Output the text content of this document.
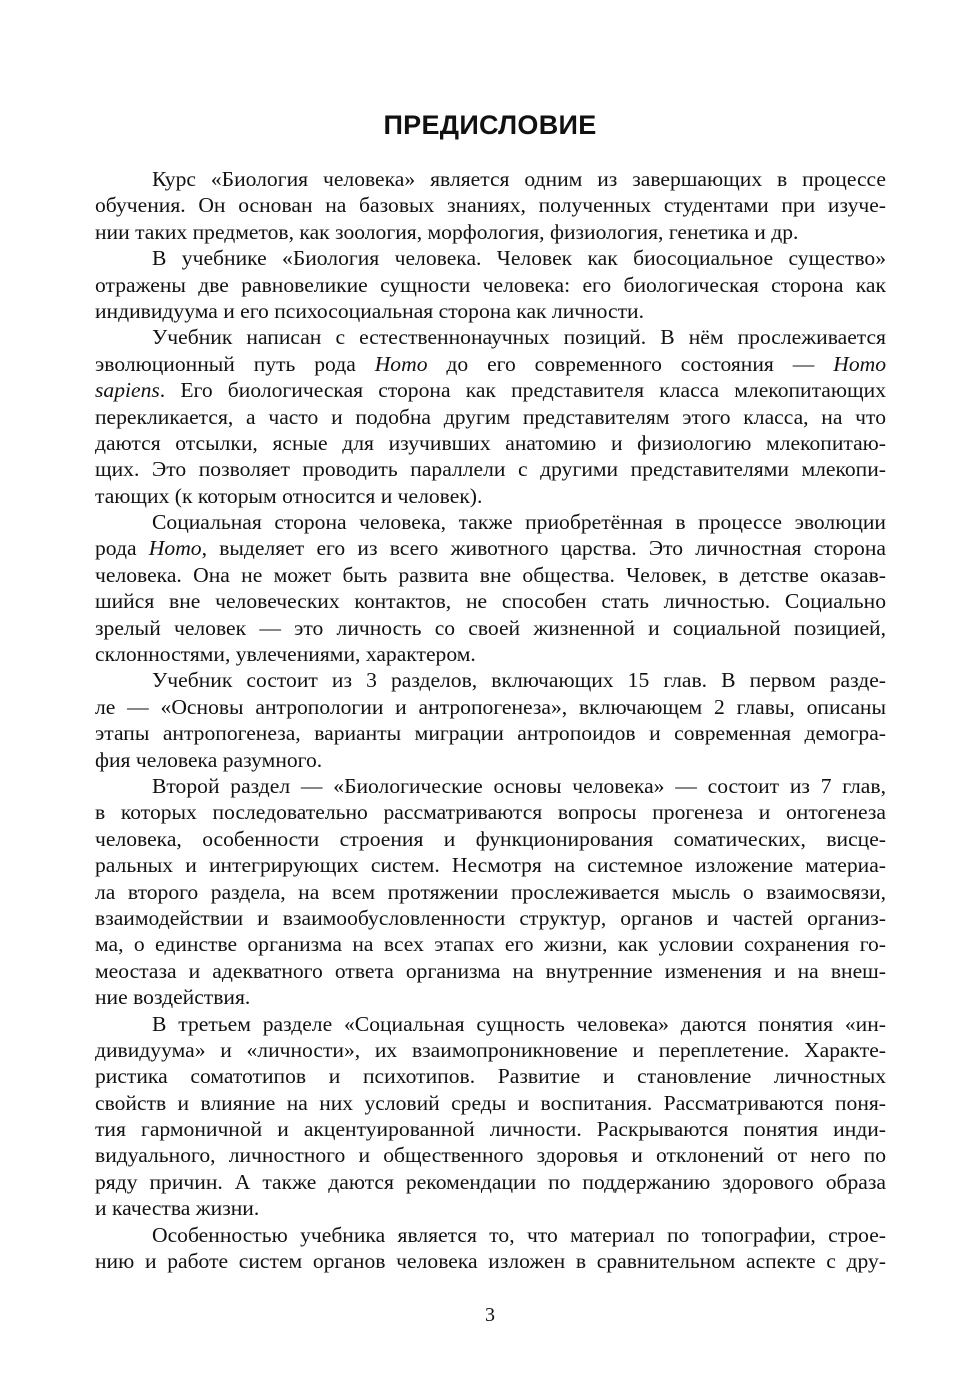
ПРЕДИСЛОВИЕ
Курс «Биология человека» является одним из завершающих в процессе
обучения. Он основан на базовых знаниях, полученных студентами при изуче-
нии таких предметов, как зоология, морфология, физиология, генетика и др.
В учебнике «Биология человека. Человек как биосоциальное существо»
отражены две равновеликие сущности человека: его биологическая сторона как
индивидуума и его психосоциальная сторона как личности.
Учебник написан с естественнонаучных позиций. В нём прослеживается
эволюционный путь рода Homo до его современного состояния — Homo
sapiens. Его биологическая сторона как представителя класса млекопитающих
перекликается, а часто и подобна другим представителям этого класса, на что
даются отсылки, ясные для изучивших анатомию и физиологию млекопитаю-
щих. Это позволяет проводить параллели с другими представителями млекопи-
тающих (к которым относится и человек).
Социальная сторона человека, также приобретённая в процессе эволюции
рода Homo, выделяет его из всего животного царства. Это личностная сторона
человека. Она не может быть развита вне общества. Человек, в детстве оказав-
шийся вне человеческих контактов, не способен стать личностью. Социально
зрелый человек — это личность со своей жизненной и социальной позицией,
склонностями, увлечениями, характером.
Учебник состоит из 3 разделов, включающих 15 глав. В первом разде-
ле — «Основы антропологии и антропогенеза», включающем 2 главы, описаны
этапы антропогенеза, варианты миграции антропоидов и современная демогра-
фия человека разумного.
Второй раздел — «Биологические основы человека» — состоит из 7 глав,
в которых последовательно рассматриваются вопросы прогенеза и онтогенеза
человека, особенности строения и функционирования соматических, висце-
ральных и интегрирующих систем. Несмотря на системное изложение материа-
ла второго раздела, на всем протяжении прослеживается мысль о взаимосвязи,
взаимодействии и взаимообусловленности структур, органов и частей организ-
ма, о единстве организма на всех этапах его жизни, как условии сохранения го-
меостаза и адекватного ответа организма на внутренние изменения и на внеш-
ние воздействия.
В третьем разделе «Социальная сущность человека» даются понятия «ин-
дивидуума» и «личности», их взаимопроникновение и переплетение. Характе-
ристика соматотипов и психотипов. Развитие и становление личностных
свойств и влияние на них условий среды и воспитания. Рассматриваются поня-
тия гармоничной и акцентуированной личности. Раскрываются понятия инди-
видуального, личностного и общественного здоровья и отклонений от него по
ряду причин. А также даются рекомендации по поддержанию здорового образа
и качества жизни.
Особенностью учебника является то, что материал по топографии, строе-
нию и работе систем органов человека изложен в сравнительном аспекте с дру-
3
